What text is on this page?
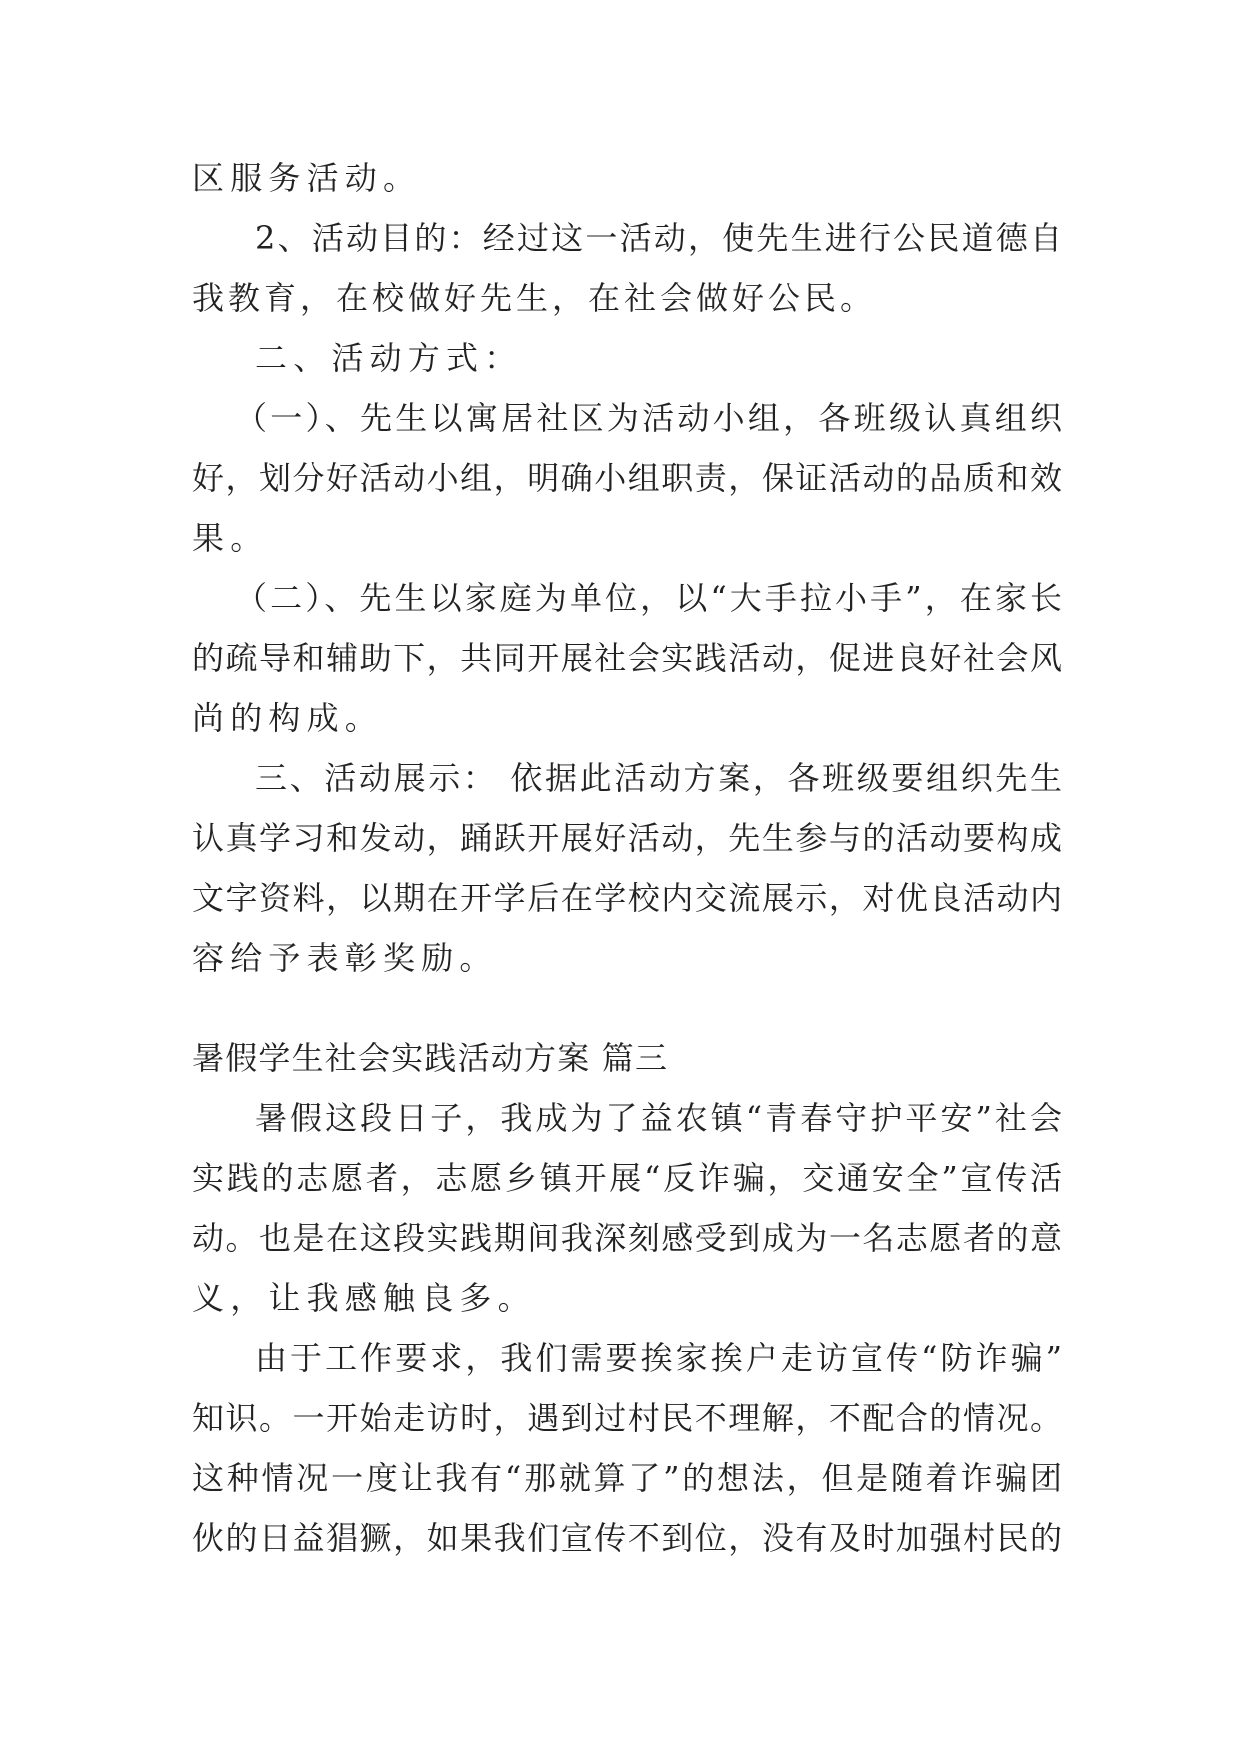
区服务活动。
2、活动目的：经过这一活动，使先生进行公民道德自
我教育，在校做好先生，在社会做好公民。
二、活动方式：
（一）、先生以寓居社区为活动小组，各班级认真组织
好，划分好活动小组，明确小组职责，保证活动的品质和效
果。
（二）、先生以家庭为单位，以“大手拉小手”，在家长
的疏导和辅助下，共同开展社会实践活动，促进良好社会风
尚的构成。
三、活动展示： 依据此活动方案，各班级要组织先生
认真学习和发动，踊跃开展好活动，先生参与的活动要构成
文字资料，以期在开学后在学校内交流展示，对优良活动内
容给予表彰奖励。
暑假学生社会实践活动方案 篇三
暑假这段日子，我成为了益农镇“青春守护平安”社会
实践的志愿者，志愿乡镇开展“反诈骗，交通安全”宣传活
动。也是在这段实践期间我深刻感受到成为一名志愿者的意
义，让我感触良多。
由于工作要求，我们需要挨家挨户走访宣传“防诈骗”
知识。一开始走访时，遇到过村民不理解，不配合的情况。
这种情况一度让我有“那就算了”的想法，但是随着诈骗团
伙的日益猖獗，如果我们宣传不到位，没有及时加强村民的
